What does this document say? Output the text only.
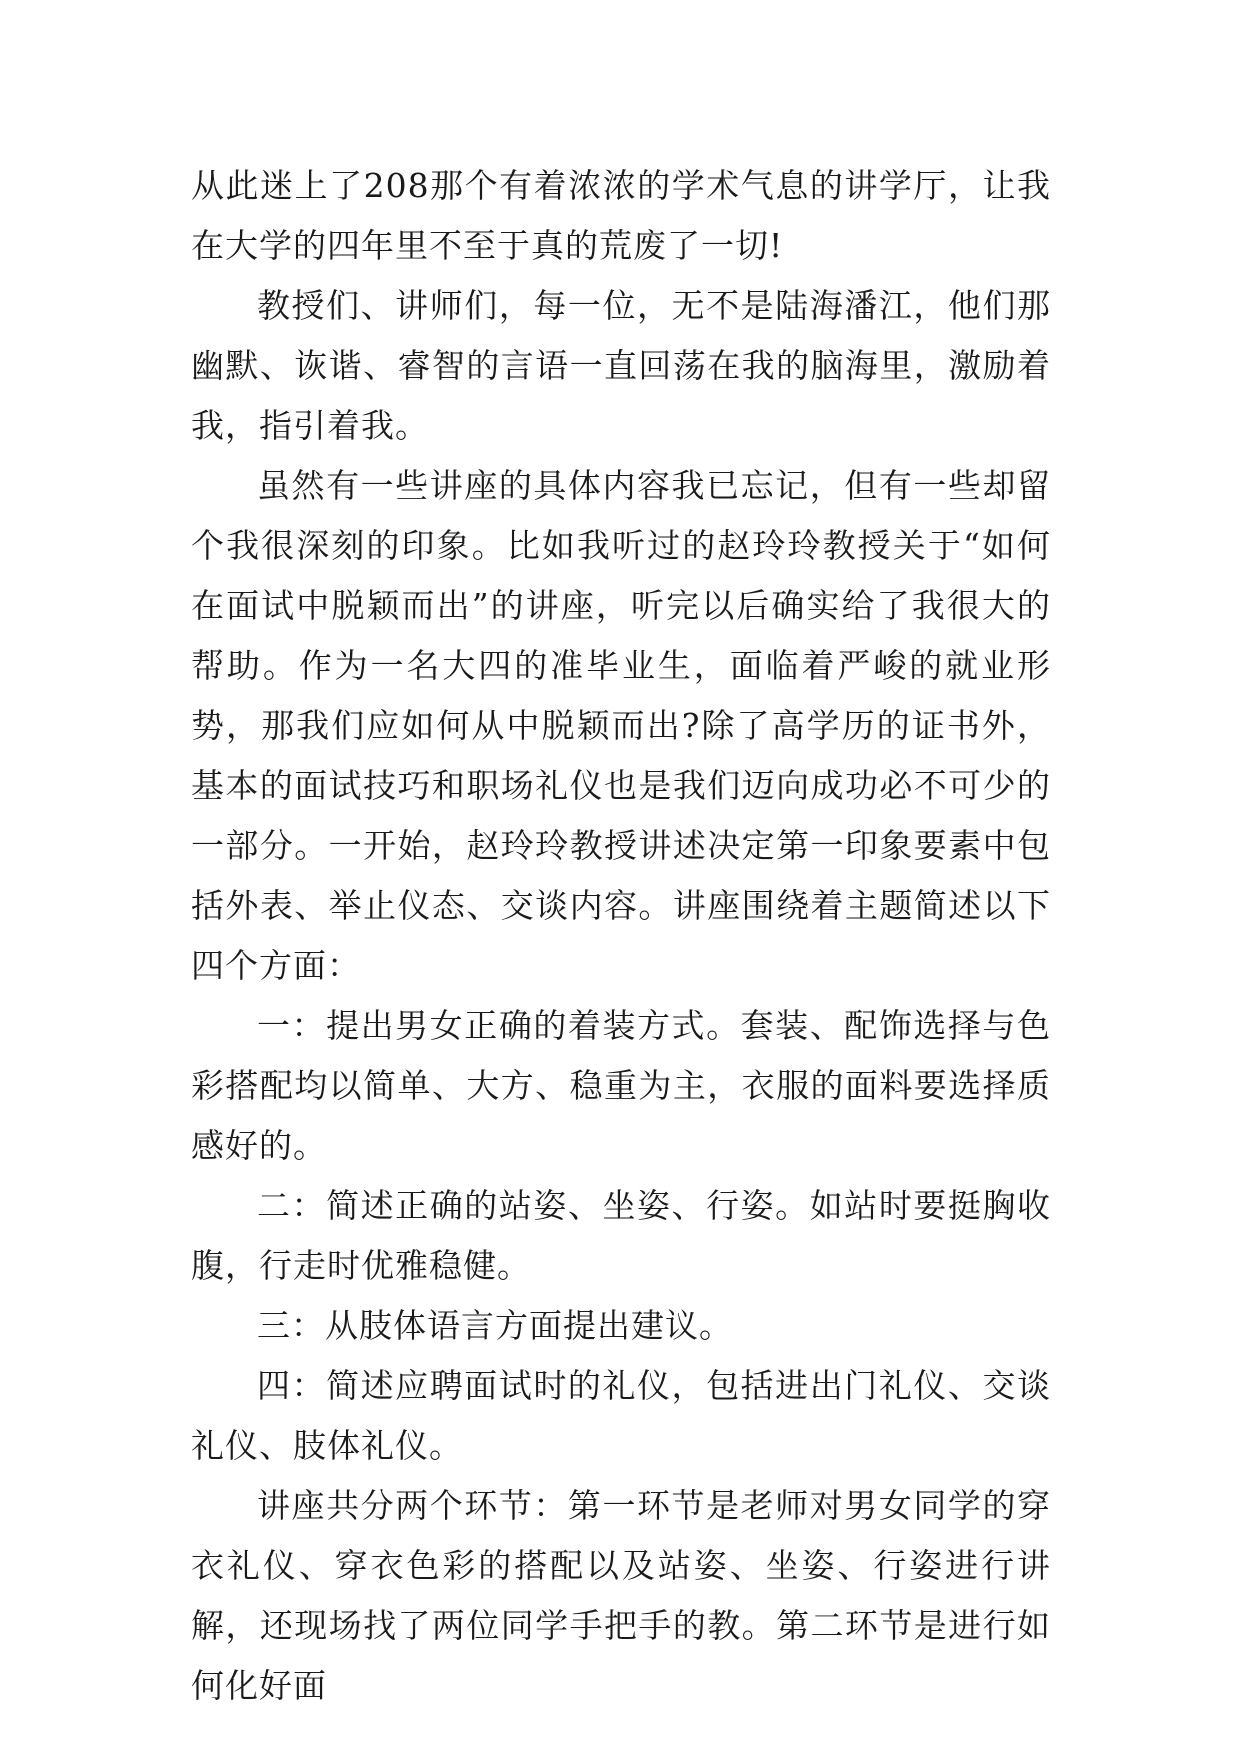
从此迷上了208那个有着浓浓的学术气息的讲学厅，让我在大学的四年里不至于真的荒废了一切!

教授们、讲师们，每一位，无不是陆海潘江，他们那幽默、诙谐、睿智的言语一直回荡在我的脑海里，激励着我，指引着我。

虽然有一些讲座的具体内容我已忘记，但有一些却留个我很深刻的印象。比如我听过的赵玲玲教授关于“如何在面试中脱颖而出”的讲座，听完以后确实给了我很大的帮助。作为一名大四的准毕业生，面临着严峻的就业形势，那我们应如何从中脱颖而出?除了高学历的证书外，基本的面试技巧和职场礼仪也是我们迈向成功必不可少的一部分。一开始，赵玲玲教授讲述决定第一印象要素中包括外表、举止仪态、交谈内容。讲座围绕着主题简述以下四个方面：

一：提出男女正确的着装方式。套装、配饰选择与色彩搭配均以简单、大方、稳重为主，衣服的面料要选择质感好的。

二：简述正确的站姿、坐姿、行姿。如站时要挺胸收腹，行走时优雅稳健。

三：从肢体语言方面提出建议。

四：简述应聘面试时的礼仪，包括进出门礼仪、交谈礼仪、肢体礼仪。

讲座共分两个环节：第一环节是老师对男女同学的穿衣礼仪、穿衣色彩的搭配以及站姿、坐姿、行姿进行讲解，还现场找了两位同学手把手的教。第二环节是进行如何化好面
